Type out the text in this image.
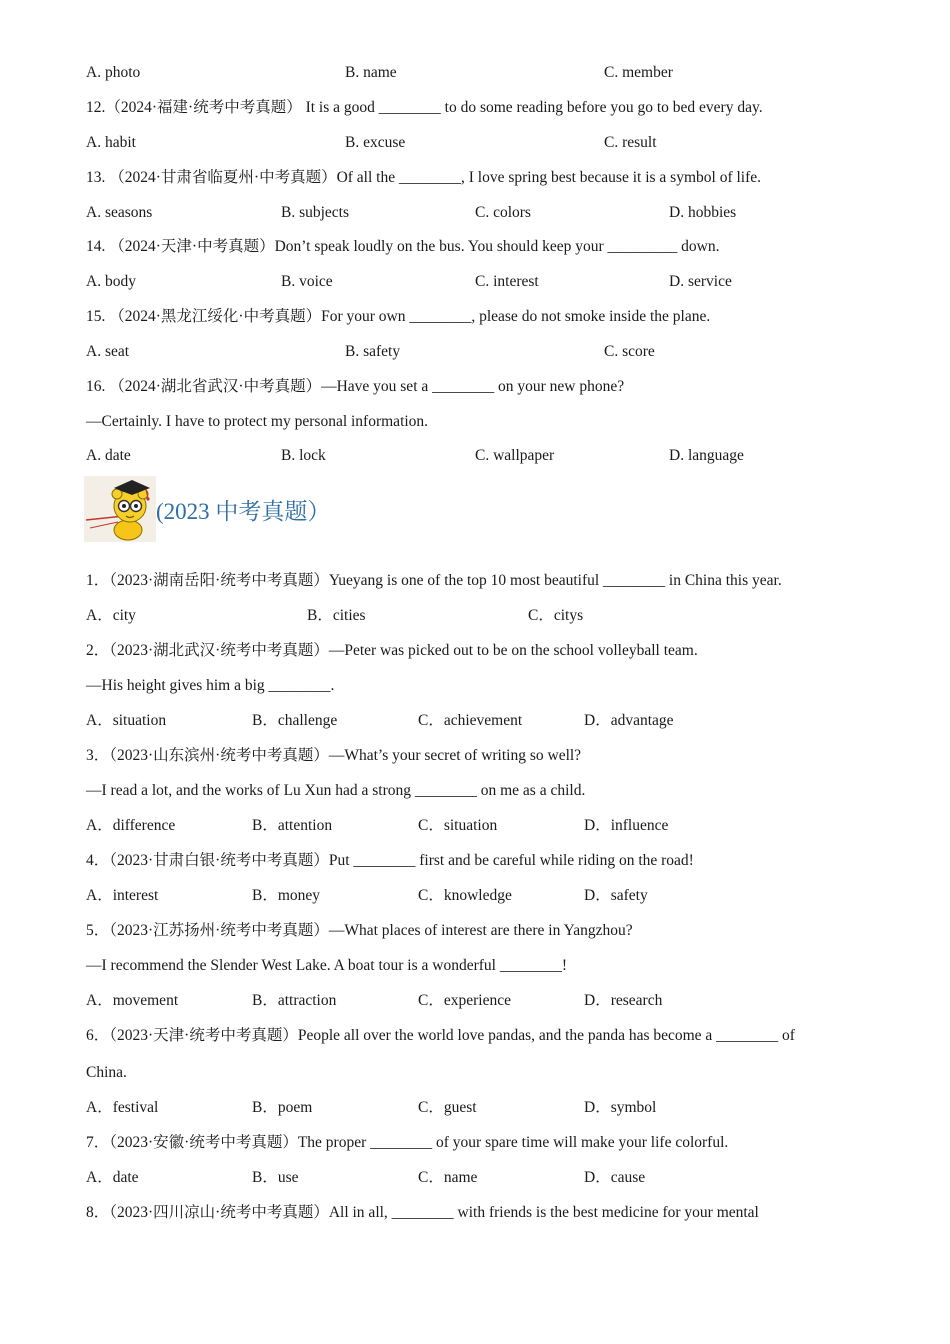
A. photo	B. name	C. member
12.（2024·福建·统考中考真题） It is a good ________ to do some reading before you go to bed every day.
A. habit	B. excuse	C. result
13. （2024·甘肃省临夏州·中考真题）Of all the ________, I love spring best because it is a symbol of life.
A. seasons	B. subjects	C. colors	D. hobbies
14. （2024·天津·中考真题）Don’t speak loudly on the bus. You should keep your _________ down.
A. body	B. voice	C. interest	D. service
15. （2024·黑龙江绥化·中考真题）For your own ________, please do not smoke inside the plane.
A. seat	B. safety	C. score
16. （2024·湖北省武汉·中考真题）—Have you set a ________ on your new phone?
—Certainly. I have to protect my personal information.
A. date	B. lock	C. wallpaper	D. language
(2023 中考真题）
1．（2023·湖南岳阳·统考中考真题）Yueyang is one of the top 10 most beautiful ________ in China this year.
A．city	B．cities	C．citys
2．（2023·湖北武汉·统考中考真题）—Peter was picked out to be on the school volleyball team.
—His height gives him a big ________.
A．situation	B．challenge	C．achievement	D．advantage
3．（2023·山东滨州·统考中考真题）—What’s your secret of writing so well?
—I read a lot, and the works of Lu Xun had a strong ________ on me as a child.
A．difference	B．attention	C．situation	D．influence
4．（2023·甘肃白银·统考中考真题）Put ________ first and be careful while riding on the road!
A．interest	B．money	C．knowledge	D．safety
5．（2023·江苏扬州·统考中考真题）—What places of interest are there in Yangzhou?
—I recommend the Slender West Lake. A boat tour is a wonderful ________!
A．movement	B．attraction	C．experience	D．research
6．（2023·天津·统考中考真题）People all over the world love pandas, and the panda has become a ________ of
China.
A．festival	B．poem	C．guest	D．symbol
7．（2023·安徽·统考中考真题）The proper ________ of your spare time will make your life colorful.
A．date	B．use	C．name	D．cause
8．（2023·四川凉山·统考中考真题）All in all, ________ with friends is the best medicine for your mental
